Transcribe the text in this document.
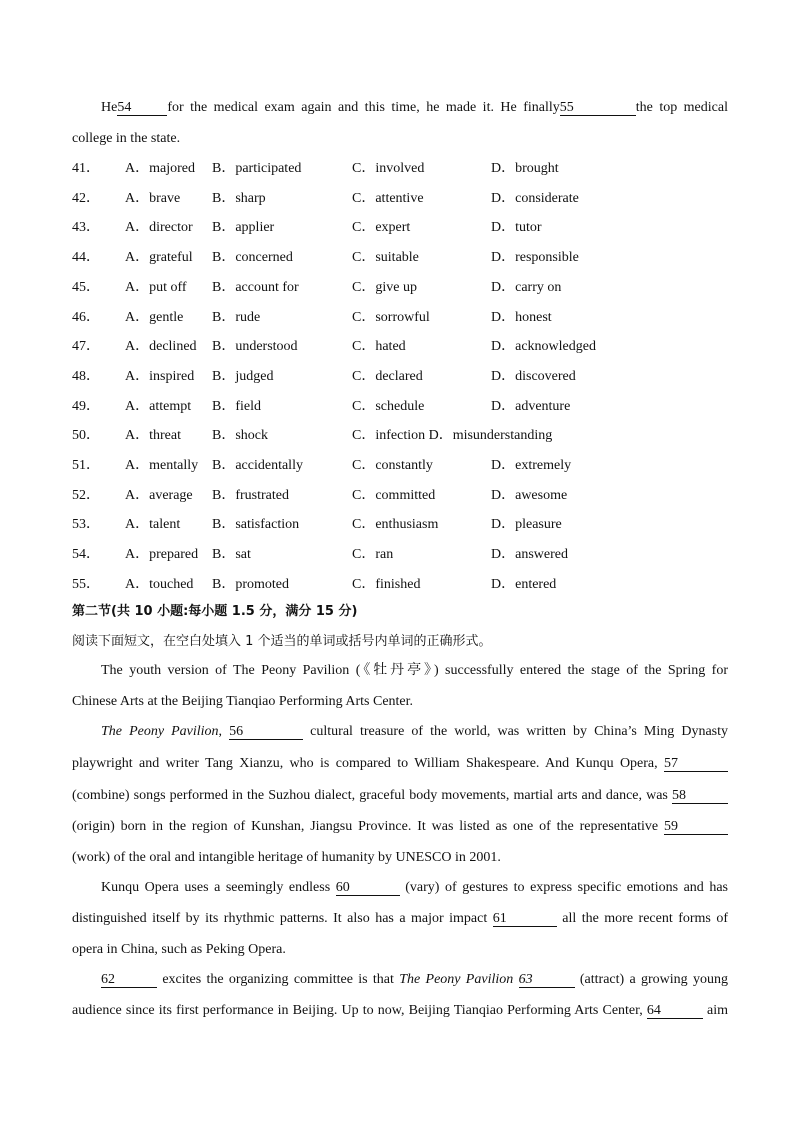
He54	for the medical exam again and this time, he made it. He finally55	the top medical
college in the state.
41． A．majored B．participated	C．involved	D．brought
42． A．brave B．sharp	C．attentive	D．considerate
43． A．director B．applier	C．expert	D．tutor
44． A．grateful B．concerned	C．suitable	D．responsible
45． A．put off B．account for	C．give up	D．carry on
46． A．gentle B．rude	C．sorrowful	D．honest
47． A．declined B．understood	C．hated	D．acknowledged
48． A．inspired B．judged	C．declared	D．discovered
49． A．attempt B．field	C．schedule	D．adventure
50． A．threat B．shock	C．infection D．misunderstanding
51． A．mentally B．accidentally	C．constantly	D．extremely
52． A．average B．frustrated	C．committed	D．awesome
53． A．talent B．satisfaction	C．enthusiasm	D．pleasure
54． A．prepared B．sat	C．ran	D．answered
55． A．touched B．promoted	C．finished	D．entered
第二节(共 10 小题:每小题 1.5 分，满分 15 分)
阅读下面短文，在空白处填入 1 个适当的单词或括号内单词的正确形式。
The youth version of The Peony Pavilion (《牡丹亭》) successfully entered the stage of the Spring for
Chinese Arts at the Beijing Tianqiao Performing Arts Center.
The Peony Pavilion, 56	cultural treasure of the world, was written by China’s Ming Dynasty
playwright and writer Tang Xianzu, who is compared to William Shakespeare. And Kunqu Opera, 57
(combine) songs performed in the Suzhou dialect, graceful body movements, martial arts and dance, was 58
(origin) born in the region of Kunshan, Jiangsu Province. It was listed as one of the representative 59
(work) of the oral and intangible heritage of humanity by UNESCO in 2001.
Kunqu Opera uses a seemingly endless 60	(vary) of gestures to express specific emotions and has
distinguished itself by its rhythmic patterns. It also has a major impact 61	all the more recent forms of
opera in China, such as Peking Opera.
62	excites the organizing committee is that The Peony Pavilion 63	(attract) a growing young
audience since its first performance in Beijing. Up to now, Beijing Tianqiao Performing Arts Center, 64	aim
